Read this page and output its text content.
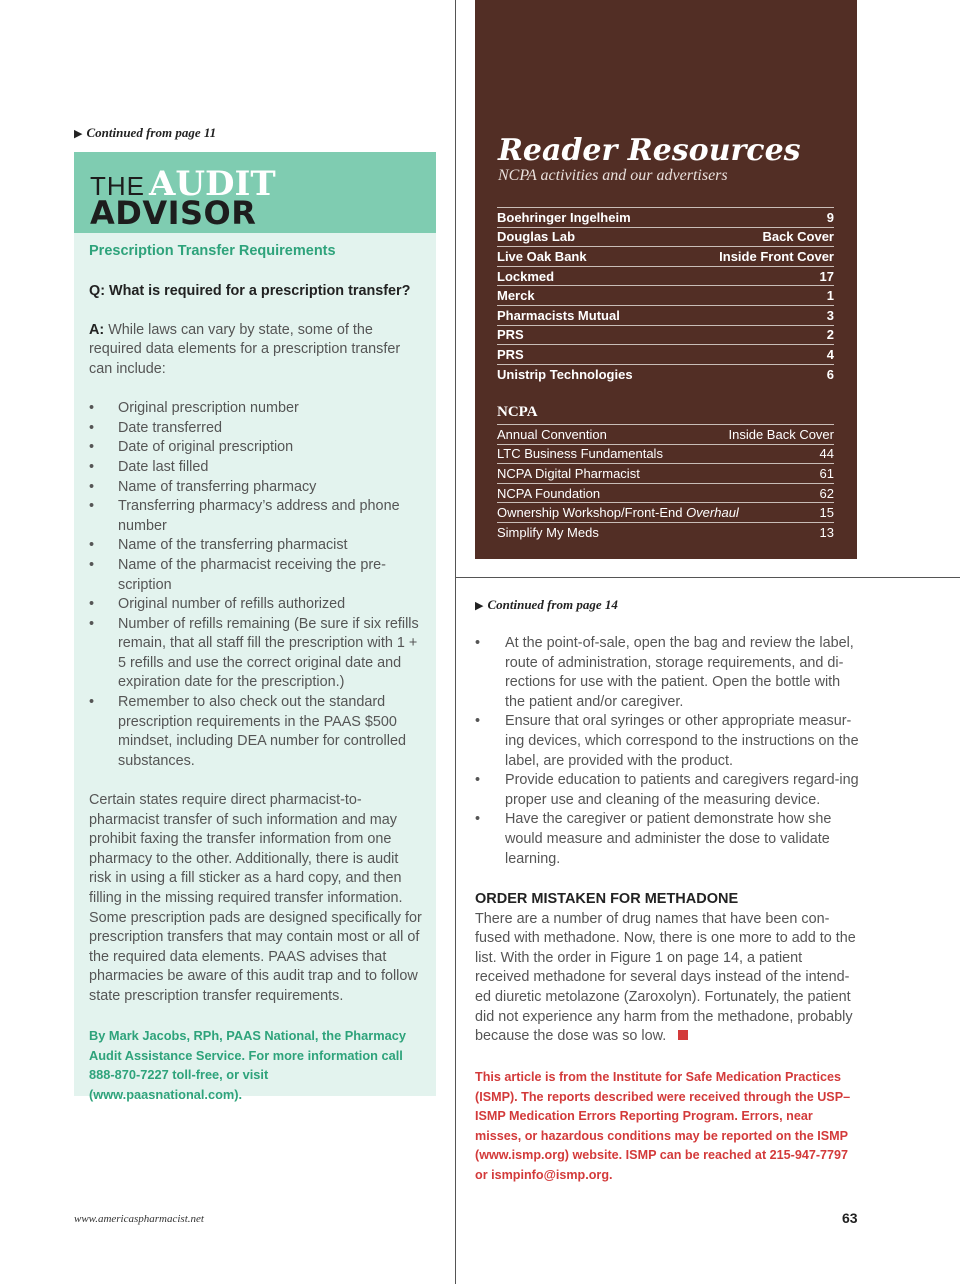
▶ Continued from page 11
THE AUDIT
ADVISOR

Prescription Transfer Requirements

Q: What is required for a prescription transfer?

A: While laws can vary by state, some of the required data elements for a prescription transfer can include:

• Original prescription number
• Date transferred
• Date of original prescription
• Date last filled
• Name of transferring pharmacy
• Transferring pharmacy’s address and phone number
• Name of the transferring pharmacist
• Name of the pharmacist receiving the pre-scription
• Original number of refills authorized
• Number of refills remaining (Be sure if six refills remain, that all staff fill the prescription with 1 + 5 refills and use the correct original date and expiration date for the prescription.)
• Remember to also check out the standard prescription requirements in the PAAS $500 mindset, including DEA number for controlled substances.

Certain states require direct pharmacist-to-pharmacist transfer of such information and may prohibit faxing the transfer information from one pharmacy to the other. Additionally, there is audit risk in using a fill sticker as a hard copy, and then filling in the missing required transfer information. Some prescription pads are designed specifically for prescription transfers that may contain most or all of the required data elements. PAAS advises that pharmacies be aware of this audit trap and to follow state prescription transfer requirements.

By Mark Jacobs, RPh, PAAS National, the Pharmacy Audit Assistance Service. For more information call 888-870-7227 toll-free, or visit (www.paasnational.com).

Reader Resources
NCPA activities and our advertisers
Boehringer Ingelheim	9
Douglas Lab	Back Cover
Live Oak Bank	Inside Front Cover
Lockmed	17
Merck	1
Pharmacists Mutual	3
PRS	2
PRS	4
Unistrip Technologies	6
NCPA
Annual Convention	Inside Back Cover
LTC Business Fundamentals	44
NCPA Digital Pharmacist	61
NCPA Foundation	62
Ownership Workshop/Front-End Overhaul	15
Simplify My Meds	13
▶ Continued from page 14
• At the point-of-sale, open the bag and review the label, route of administration, storage requirements, and di-rections for use with the patient. Open the bottle with the patient and/or caregiver.
• Ensure that oral syringes or other appropriate measur-ing devices, which correspond to the instructions on the label, are provided with the product.
• Provide education to patients and caregivers regard-ing proper use and cleaning of the measuring device.
• Have the caregiver or patient demonstrate how she would measure and administer the dose to validate learning.

ORDER MISTAKEN FOR METHADONE

There are a number of drug names that have been con-fused with methadone. Now, there is one more to add to the list. With the order in Figure 1 on page 14, a patient received methadone for several days instead of the intend-ed diuretic metolazone (Zaroxolyn). Fortunately, the patient did not experience any harm from the methadone, probably because the dose was so low.

This article is from the Institute for Safe Medication Practices (ISMP). The reports described were received through the USP–ISMP Medication Errors Reporting Program. Errors, near misses, or hazardous conditions may be reported on the ISMP (www.ismp.org) website. ISMP can be reached at 215-947-7797 or ismpinfo@ismp.org.

www.americaspharmacist.net	63
